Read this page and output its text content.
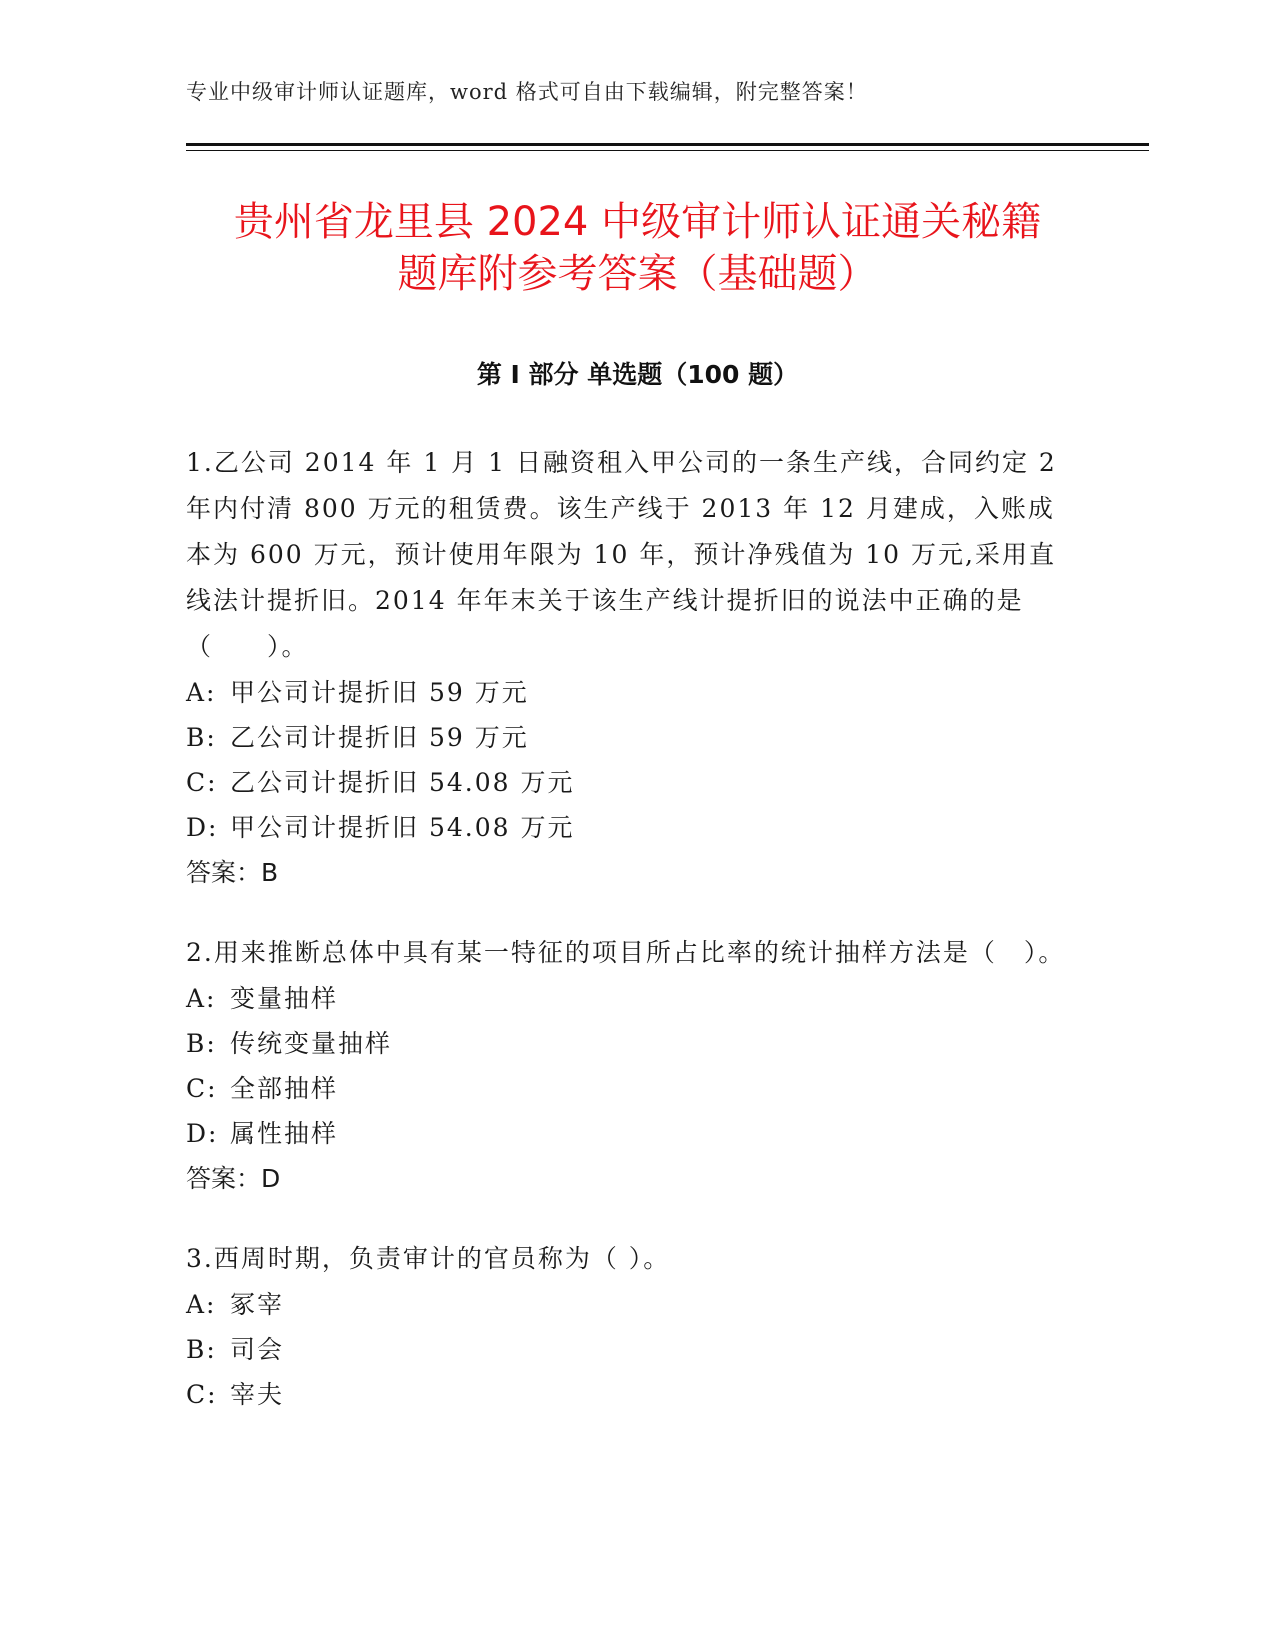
专业中级审计师认证题库，word 格式可自由下载编辑，附完整答案！
贵州省龙里县 2024 中级审计师认证通关秘籍
题库附参考答案（基础题）
第 I 部分 单选题（100 题）

1.乙公司 2014 年 1 月 1 日融资租入甲公司的一条生产线，合同约定 2 年内付清 800 万元的租赁费。该生产线于 2013 年 12 月建成，入账成本为 600 万元，预计使用年限为 10 年，预计净残值为 10 万元,采用直线法计提折旧。2014 年年末关于该生产线计提折旧的说法中正确的是（　　）。

A: 甲公司计提折旧 59 万元

B: 乙公司计提折旧 59 万元

C: 乙公司计提折旧 54.08 万元

D: 甲公司计提折旧 54.08 万元

答案：B

2.用来推断总体中具有某一特征的项目所占比率的统计抽样方法是（　）。

A: 变量抽样

B: 传统变量抽样

C: 全部抽样

D: 属性抽样

答案：D

3.西周时期，负责审计的官员称为（ ）。

A: 冢宰

B: 司会

C: 宰夫
